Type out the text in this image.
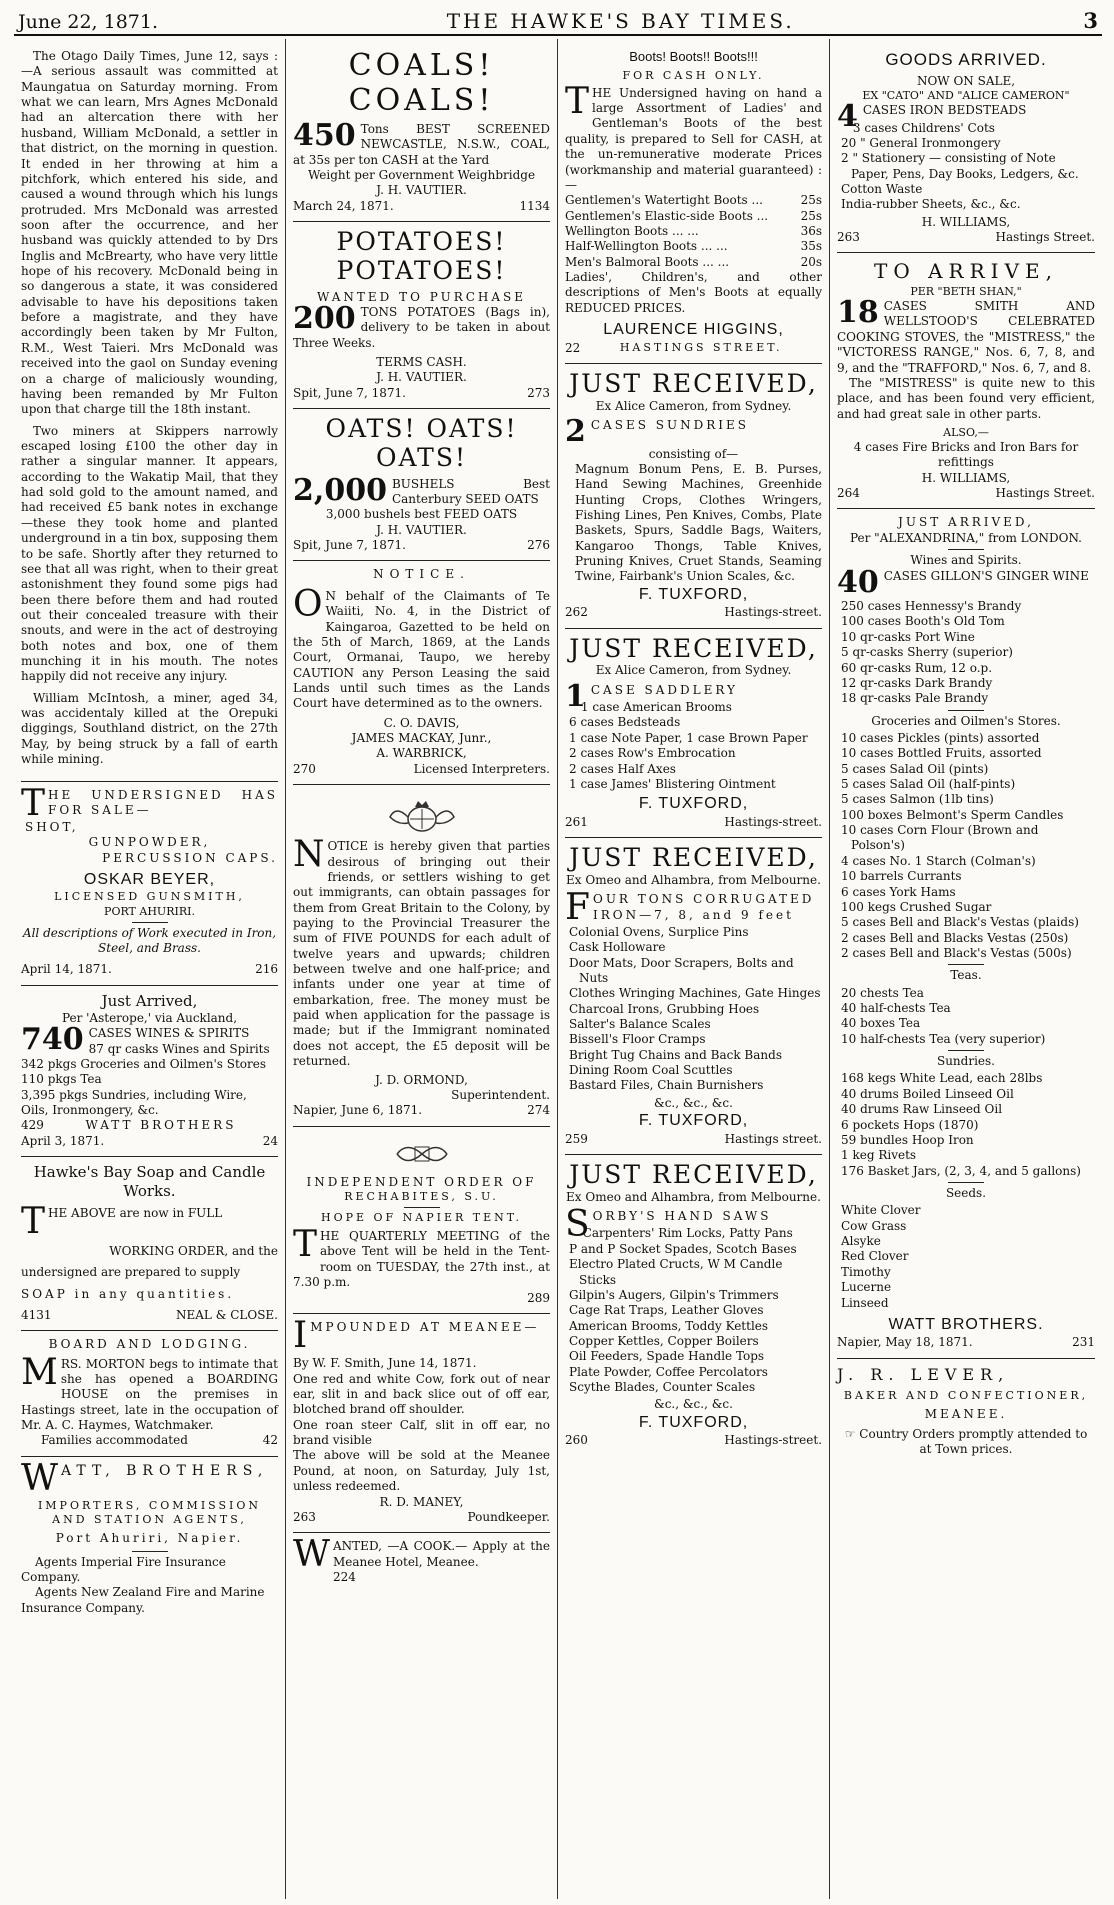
June 22, 1871.	THE HAWKE'S BAY TIMES.	3

The Otago Daily Times, June 12, says :—A serious assault was committed at Maungatua on Saturday morning. From what we can learn, Mrs Agnes McDonald had an altercation there with her husband, William McDonald, a settler in that district, on the morning in question. It ended in her throwing at him a pitchfork, which entered his side, and caused a wound through which his lungs protruded. Mrs McDonald was arrested soon after the occurrence, and her husband was quickly attended to by Drs Inglis and McBrearty, who have very little hope of his recovery. McDonald being in so dangerous a state, it was considered advisable to have his depositions taken before a magistrate, and they have accordingly been taken by Mr Fulton, R.M., West Taieri. Mrs McDonald was received into the gaol on Sunday evening on a charge of maliciously wounding, having been remanded by Mr Fulton upon that charge till the 18th instant.

Two miners at Skippers narrowly escaped losing £100 the other day in rather a singular manner. It appears, according to the Wakatip Mail, that they had sold gold to the amount named, and had received £5 bank notes in exchange—these they took home and planted underground in a tin box, supposing them to be safe. Shortly after they returned to see that all was right, when to their great astonishment they found some pigs had been there before them and had routed out their concealed treasure with their snouts, and were in the act of destroying both notes and box, one of them munching it in his mouth. The notes happily did not receive any injury.

William McIntosh, a miner, aged 34, was accidentaly killed at the Orepuki diggings, Southland district, on the 27th May, by being struck by a fall of earth while mining.

THE UNDERSIGNED HAS FOR SALE—
SHOT,
GUNPOWDER,
PERCUSSION CAPS.
OSKAR BEYER,
LICENSED GUNSMITH,
PORT AHURIRI.
All descriptions of Work executed in Iron, Steel, and Brass.
April 14, 1871.	216
Just Arrived,
Per 'Asterope,' via Auckland,
740 CASES WINES & SPIRITS
87 qr casks Wines and Spirits
342 pkgs Groceries and Oilmen's Stores
110 pkgs Tea
3,395 pkgs Sundries, including Wire, Oils, Ironmongery, &c.
429	WATT BROTHERS
April 3, 1871.	24
Hawke's Bay Soap and Candle Works.
THE ABOVE are now in FULL
WORKING ORDER, and the
undersigned are prepared to supply
SOAP in any quantities.
4131	NEAL & CLOSE.
BOARD AND LODGING.
MRS. MORTON begs to intimate that she has opened a BOARDING HOUSE on the premises in Hastings street, late in the occupation of Mr. A. C. Haymes, Watchmaker.
Families accommodated	42
WATT, BROTHERS,
IMPORTERS, COMMISSION AND STATION AGENTS,
Port Ahuriri, Napier.
Agents Imperial Fire Insurance Company.
Agents New Zealand Fire and Marine Insurance Company.
COALS! COALS!
450 Tons BEST SCREENED NEWCASTLE, N.S.W., COAL, at 35s per ton CASH at the Yard
Weight per Government Weighbridge
J. H. VAUTIER.
March 24, 1871.	1134
POTATOES! POTATOES!
WANTED TO PURCHASE
200 TONS POTATOES (Bags in), delivery to be taken in about Three Weeks.
TERMS CASH.
J. H. VAUTIER.
Spit, June 7, 1871.	273
OATS! OATS! OATS!
2,000 BUSHELS Best Canterbury SEED OATS
3,000 bushels best FEED OATS
J. H. VAUTIER.
Spit, June 7, 1871.	276
NOTICE.
O N behalf of the Claimants of Te Waiiti, No. 4, in the District of Kaingaroa, Gazetted to be held on the 5th of March, 1869, at the Lands Court, Ormanai, Taupo, we hereby CAUTION any Person Leasing the said Lands until such times as the Lands Court have determined as to the owners.
C. O. DAVIS,
JAMES MACKAY, Junr.,
A. WARBRICK,
270	Licensed Interpreters.
NOTICE is hereby given that parties desirous of bringing out their friends, or settlers wishing to get out immigrants, can obtain passages for them from Great Britain to the Colony, by paying to the Provincial Treasurer the sum of FIVE POUNDS for each adult of twelve years and upwards; children between twelve and one half-price; and infants under one year at time of embarkation, free. The money must be paid when application for the passage is made; but if the Immigrant nominated does not accept, the £5 deposit will be returned.
J. D. ORMOND,
Superintendent.
Napier, June 6, 1871.	274
INDEPENDENT ORDER OF
RECHABITES, S.U.
HOPE OF NAPIER TENT.
THE QUARTERLY MEETING of the above Tent will be held in the Tent-room on TUESDAY, the 27th inst., at 7.30 p.m.
289
IMPOUNDED AT MEANEE—
By W. F. Smith, June 14, 1871.
One red and white Cow, fork out of near ear, slit in and back slice out of off ear, blotched brand off shoulder.
One roan steer Calf, slit in off ear, no brand visible
The above will be sold at the Meanee Pound, at noon, on Saturday, July 1st, unless redeemed.
R. D. MANEY,
263	Poundkeeper.
WANTED, —A COOK.— Apply at the Meanee Hotel, Meanee.
224
Boots! Boots!! Boots!!!
FOR CASH ONLY.
THE Undersigned having on hand a large Assortment of Ladies' and Gentleman's Boots of the best quality, is prepared to Sell for CASH, at the un-remunerative moderate Prices (workmanship and material guaranteed) :—
Gentlemen's Watertight Boots ...	25s
Gentlemen's Elastic-side Boots ...	25s
Wellington Boots ... ...	36s
Half-Wellington Boots ... ...	35s
Men's Balmoral Boots ... ...	20s
Ladies', Children's, and other descriptions of Men's Boots at equally REDUCED PRICES.
LAURENCE HIGGINS,
22	HASTINGS STREET.
JUST RECEIVED,
Ex Alice Cameron, from Sydney.
2 CASES SUNDRIES
consisting of—
Magnum Bonum Pens, E. B. Purses, Hand Sewing Machines, Greenhide Hunting Crops, Clothes Wringers, Fishing Lines, Pen Knives, Combs, Plate Baskets, Spurs, Saddle Bags, Waiters, Kangaroo Thongs, Table Knives, Pruning Knives, Cruet Stands, Seaming Twine, Fairbank's Union Scales, &c.
F. TUXFORD,
262	Hastings-street.
JUST RECEIVED,
Ex Alice Cameron, from Sydney.
1 CASE SADDLERY
1 case American Brooms
6 cases Bedsteads
1 case Note Paper, 1 case Brown Paper
2 cases Row's Embrocation
2 cases Half Axes
1 case James' Blistering Ointment
F. TUXFORD,
261	Hastings-street.
JUST RECEIVED,
Ex Omeo and Alhambra, from Melbourne.
FOUR TONS CORRUGATED IRON—7, 8, and 9 feet
Colonial Ovens, Surplice Pins
Cask Holloware
Door Mats, Door Scrapers, Bolts and Nuts
Clothes Wringing Machines, Gate Hinges
Charcoal Irons, Grubbing Hoes
Salter's Balance Scales
Bissell's Floor Cramps
Bright Tug Chains and Back Bands
Dining Room Coal Scuttles
Bastard Files, Chain Burnishers
&c., &c., &c.
F. TUXFORD,
259	Hastings street.
JUST RECEIVED,
Ex Omeo and Alhambra, from Melbourne.
SORBY'S HAND SAWS
Carpenters' Rim Locks, Patty Pans
P and P Socket Spades, Scotch Bases
Electro Plated Cructs, W M Candle Sticks
Gilpin's Augers, Gilpin's Trimmers
Cage Rat Traps, Leather Gloves
American Brooms, Toddy Kettles
Copper Kettles, Copper Boilers
Oil Feeders, Spade Handle Tops
Plate Powder, Coffee Percolators
Scythe Blades, Counter Scales
&c., &c., &c.
F. TUXFORD,
260	Hastings-street.
GOODS ARRIVED.
NOW ON SALE,
EX "CATO" AND "ALICE CAMERON"
4 CASES IRON BEDSTEADS
3 cases Childrens' Cots
20 " General Ironmongery
2 " Stationery — consisting of Note Paper, Pens, Day Books, Ledgers, &c.
Cotton Waste
India-rubber Sheets, &c., &c.
H. WILLIAMS,
263	Hastings Street.
TO ARRIVE,
PER "BETH SHAN,"
18 CASES SMITH AND WELLSTOOD'S CELEBRATED COOKING STOVES, the "MISTRESS," the "VICTORESS RANGE," Nos. 6, 7, 8, and 9, and the "TRAFFORD," Nos. 6, 7, and 8.
The "MISTRESS" is quite new to this place, and has been found very efficient, and had great sale in other parts.
ALSO,—
4 cases Fire Bricks and Iron Bars for refittings
H. WILLIAMS,
264	Hastings Street.
JUST ARRIVED,
Per "ALEXANDRINA," from LONDON.
Wines and Spirits.
40 CASES GILLON'S GINGER WINE
250 cases Hennessy's Brandy
100 cases Booth's Old Tom
10 qr-casks Port Wine
5 qr-casks Sherry (superior)
60 qr-casks Rum, 12 o.p.
12 qr-casks Dark Brandy
18 qr-casks Pale Brandy
Groceries and Oilmen's Stores.
10 cases Pickles (pints) assorted
10 cases Bottled Fruits, assorted
5 cases Salad Oil (pints)
5 cases Salad Oil (half-pints)
5 cases Salmon (1lb tins)
100 boxes Belmont's Sperm Candles
10 cases Corn Flour (Brown and Polson's)
4 cases No. 1 Starch (Colman's)
10 barrels Currants
6 cases York Hams
100 kegs Crushed Sugar
5 cases Bell and Black's Vestas (plaids)
2 cases Bell and Blacks Vestas (250s)
2 cases Bell and Black's Vestas (500s)
Teas.
20 chests Tea
40 half-chests Tea
40 boxes Tea
10 half-chests Tea (very superior)
Sundries.
168 kegs White Lead, each 28lbs
40 drums Boiled Linseed Oil
40 drums Raw Linseed Oil
6 pockets Hops (1870)
59 bundles Hoop Iron
1 keg Rivets
176 Basket Jars, (2, 3, 4, and 5 gallons)
Seeds.
White Clover
Cow Grass
Alsyke
Red Clover
Timothy
Lucerne
Linseed
WATT BROTHERS.
Napier, May 18, 1871.	231
J. R. LEVER,
BAKER AND CONFECTIONER,
MEANEE.
☞ Country Orders promptly attended to at Town prices.
